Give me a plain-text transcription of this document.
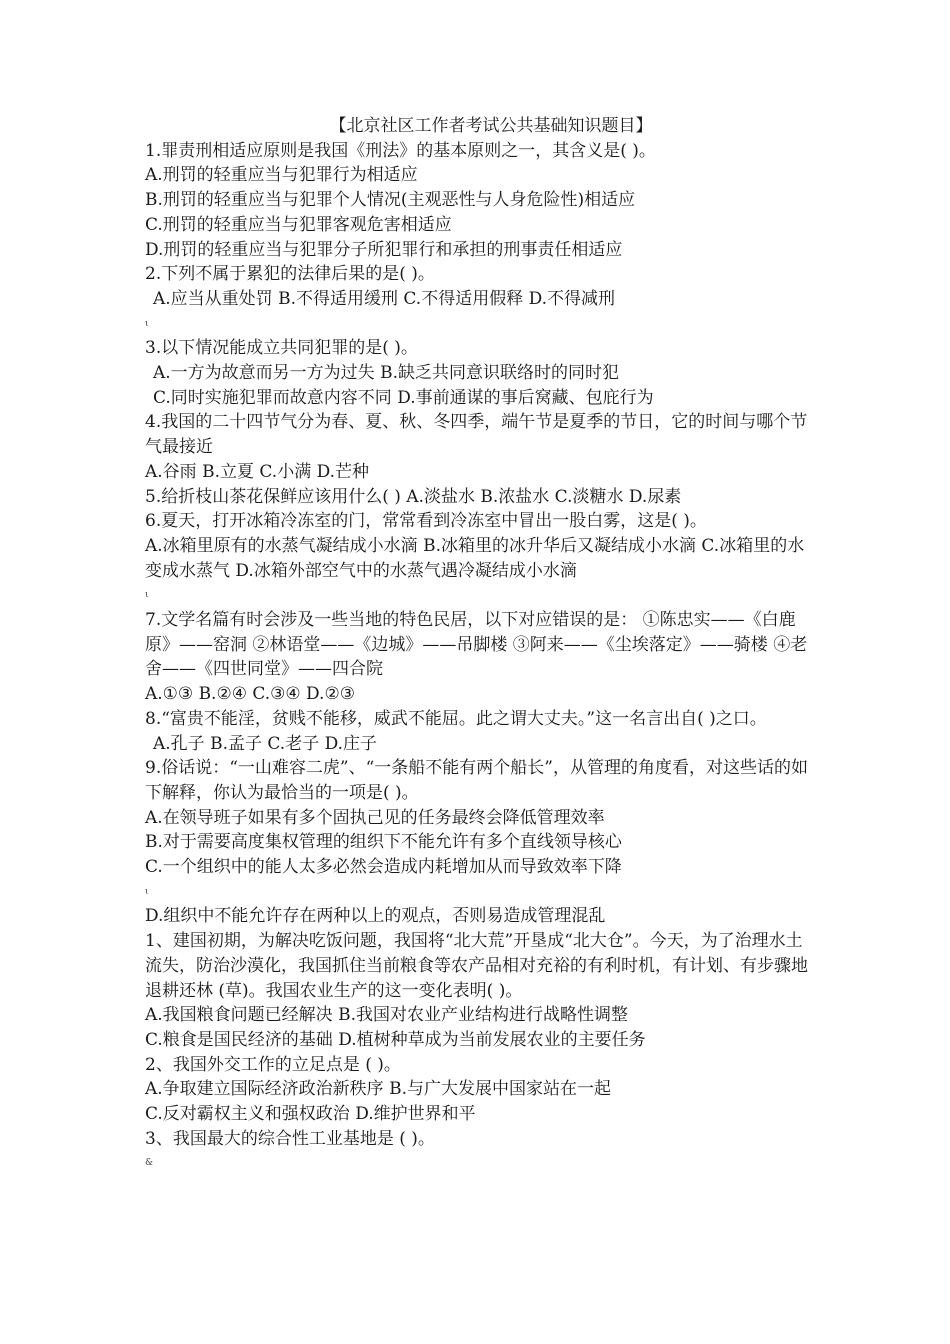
【北京社区工作者考试公共基础知识题目】

1.罪责刑相适应原则是我国《刑法》的基本原则之一，其含义是( )。

A.刑罚的轻重应当与犯罪行为相适应

B.刑罚的轻重应当与犯罪个人情况(主观恶性与人身危险性)相适应

C.刑罚的轻重应当与犯罪客观危害相适应

D.刑罚的轻重应当与犯罪分子所犯罪行和承担的刑事责任相适应

2.下列不属于累犯的法律后果的是( )。

A.应当从重处罚 B.不得适用缓刑 C.不得适用假释 D.不得减刑

ι

3.以下情况能成立共同犯罪的是( )。

A.一方为故意而另一方为过失 B.缺乏共同意识联络时的同时犯

C.同时实施犯罪而故意内容不同 D.事前通谋的事后窝藏、包庇行为

4.我国的二十四节气分为春、夏、秋、冬四季，端午节是夏季的节日，它的时间与哪个节气最接近

A.谷雨 B.立夏 C.小满 D.芒种

5.给折枝山茶花保鲜应该用什么( ) A.淡盐水 B.浓盐水 C.淡糖水 D.尿素

6.夏天，打开冰箱冷冻室的门，常常看到冷冻室中冒出一股白雾，这是( )。

A.冰箱里原有的水蒸气凝结成小水滴 B.冰箱里的冰升华后又凝结成小水滴 C.冰箱里的水变成水蒸气 D.冰箱外部空气中的水蒸气遇冷凝结成小水滴

ι

7.文学名篇有时会涉及一些当地的特色民居，以下对应错误的是： ①陈忠实——《白鹿原》——窑洞 ②林语堂——《边城》——吊脚楼 ③阿来——《尘埃落定》——骑楼 ④老舍——《四世同堂》——四合院

A.①③ B.②④ C.③④ D.②③

8.“富贵不能淫，贫贱不能移，威武不能屈。此之谓大丈夫。”这一名言出自( )之口。

A.孔子 B.孟子 C.老子 D.庄子

9.俗话说：“一山难容二虎”、“一条船不能有两个船长”，从管理的角度看，对这些话的如下解释，你认为最恰当的一项是( )。

A.在领导班子如果有多个固执己见的任务最终会降低管理效率

B.对于需要高度集权管理的组织下不能允许有多个直线领导核心

C.一个组织中的能人太多必然会造成内耗增加从而导致效率下降

ɩ

D.组织中不能允许存在两种以上的观点，否则易造成管理混乱

1、建国初期，为解决吃饭问题，我国将“北大荒”开垦成“北大仓”。今天，为了治理水土流失，防治沙漠化，我国抓住当前粮食等农产品相对充裕的有利时机，有计划、有步骤地退耕还林 (草)。我国农业生产的这一变化表明( )。

A.我国粮食问题已经解决 B.我国对农业产业结构进行战略性调整

C.粮食是国民经济的基础 D.植树种草成为当前发展农业的主要任务

2、我国外交工作的立足点是 ( )。

A.争取建立国际经济政治新秩序 B.与广大发展中国家站在一起

C.反对霸权主义和强权政治 D.维护世界和平

3、我国最大的综合性工业基地是 ( )。

&
